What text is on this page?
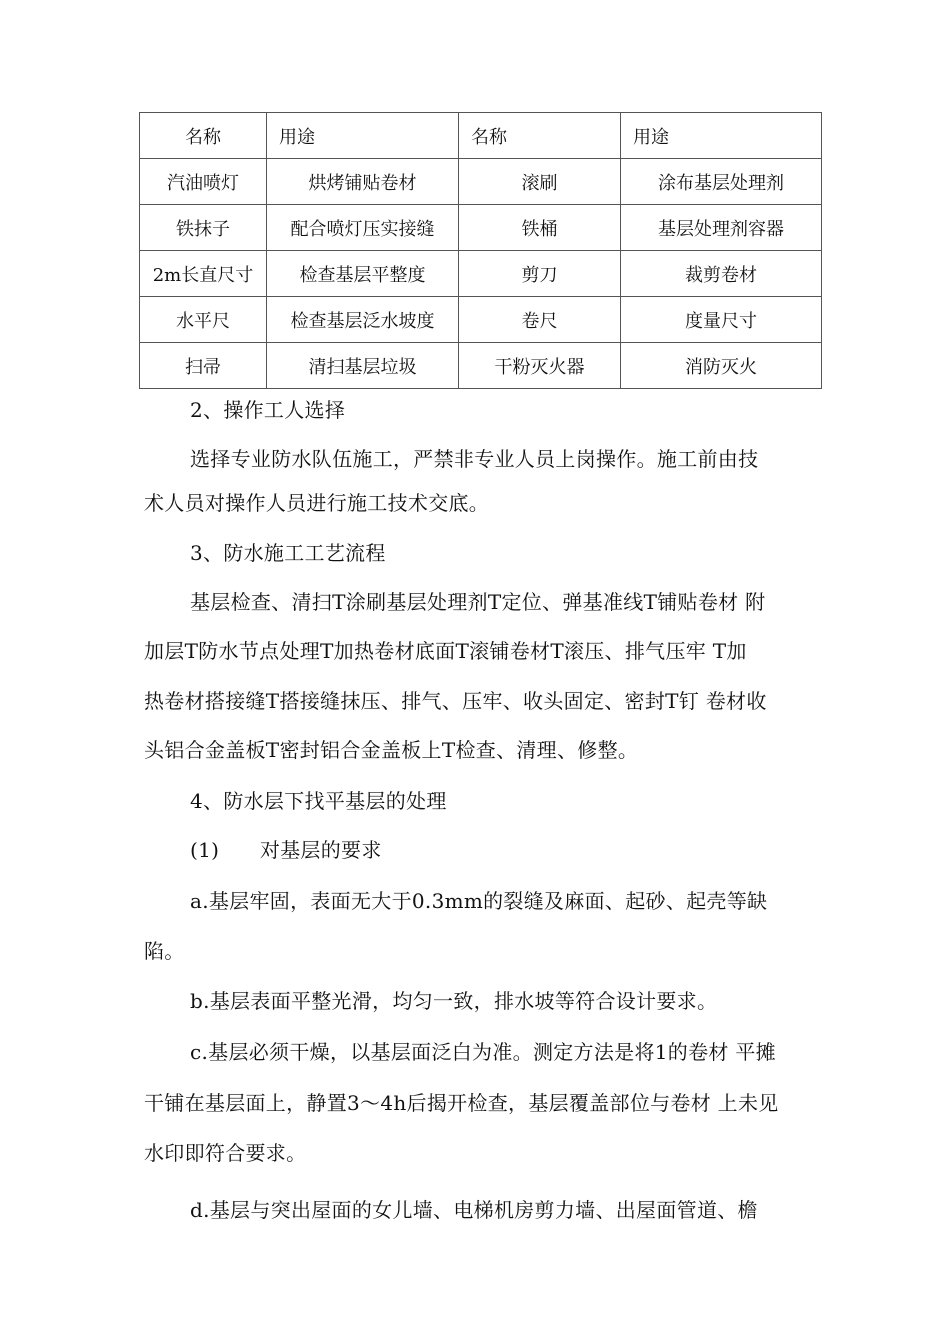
名称	用途	名称	用途
汽油喷灯	烘烤铺贴卷材	滚刷	涂布基层处理剂
铁抹子	配合喷灯压实接缝	铁桶	基层处理剂容器
2m长直尺寸	检查基层平整度	剪刀	裁剪卷材
水平尺	检查基层泛水坡度	卷尺	度量尺寸
扫帚	清扫基层垃圾	干粉灭火器	消防灭火
2、操作工人选择
选择专业防水队伍施工，严禁非专业人员上岗操作。施工前由技
术人员对操作人员进行施工技术交底。
3、防水施工工艺流程
基层检查、清扫T涂刷基层处理剂T定位、弹基准线T铺贴卷材 附
加层T防水节点处理T加热卷材底面T滚铺卷材T滚压、排气压牢 T加
热卷材搭接缝T搭接缝抹压、排气、压牢、收头固定、密封T钉 卷材收
头铝合金盖板T密封铝合金盖板上T检查、清理、修整。
4、防水层下找平基层的处理
(1)　　对基层的要求
a.基层牢固，表面无大于0.3mm的裂缝及麻面、起砂、起壳等缺
陷。
b.基层表面平整光滑，均匀一致，排水坡等符合设计要求。
c.基层必须干燥，以基层面泛白为准。测定方法是将1的卷材 平摊
干铺在基层面上，静置3〜4h后揭开检查，基层覆盖部位与卷材 上未见
水印即符合要求。
d.基层与突出屋面的女儿墙、电梯机房剪力墙、出屋面管道、檐
